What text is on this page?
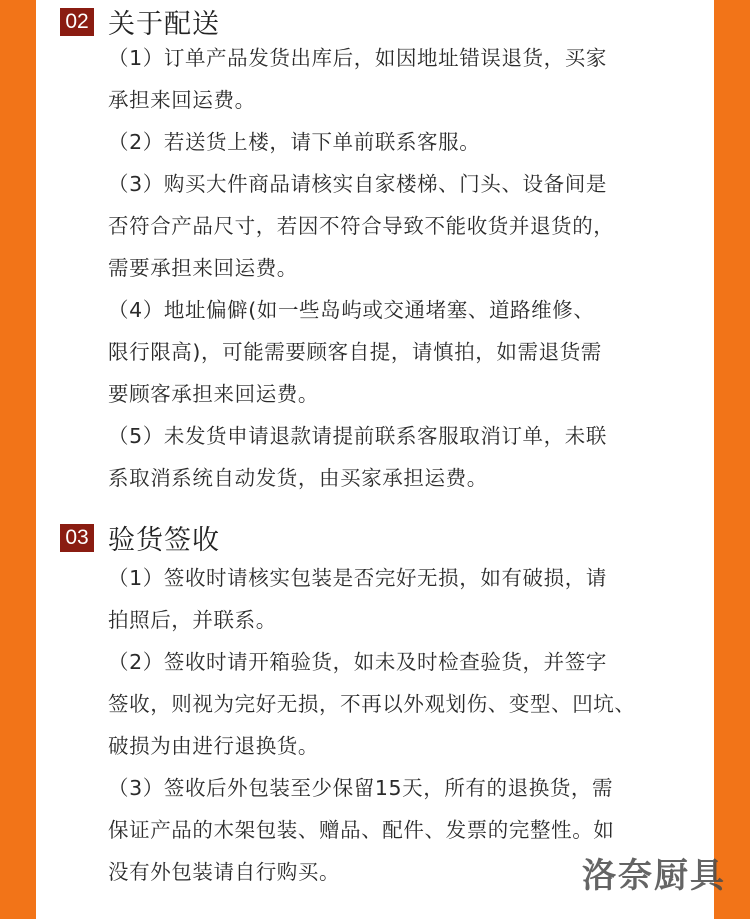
02 关于配送
（1）订单产品发货出库后，如因地址错误退货，买家
承担来回运费。
（2）若送货上楼，请下单前联系客服。
（3）购买大件商品请核实自家楼梯、门头、设备间是
否符合产品尺寸，若因不符合导致不能收货并退货的，
需要承担来回运费。
（4）地址偏僻(如一些岛屿或交通堵塞、道路维修、
限行限高)，可能需要顾客自提，请慎拍，如需退货需
要顾客承担来回运费。
（5）未发货申请退款请提前联系客服取消订单，未联
系取消系统自动发货，由买家承担运费。
03 验货签收
（1）签收时请核实包装是否完好无损，如有破损，请
拍照后，并联系。
（2）签收时请开箱验货，如未及时检查验货，并签字
签收，则视为完好无损，不再以外观划伤、变型、凹坑、
破损为由进行退换货。
（3）签收后外包装至少保留15天，所有的退换货，需
保证产品的木架包装、赠品、配件、发票的完整性。如
没有外包装请自行购买。	洛奈厨具
